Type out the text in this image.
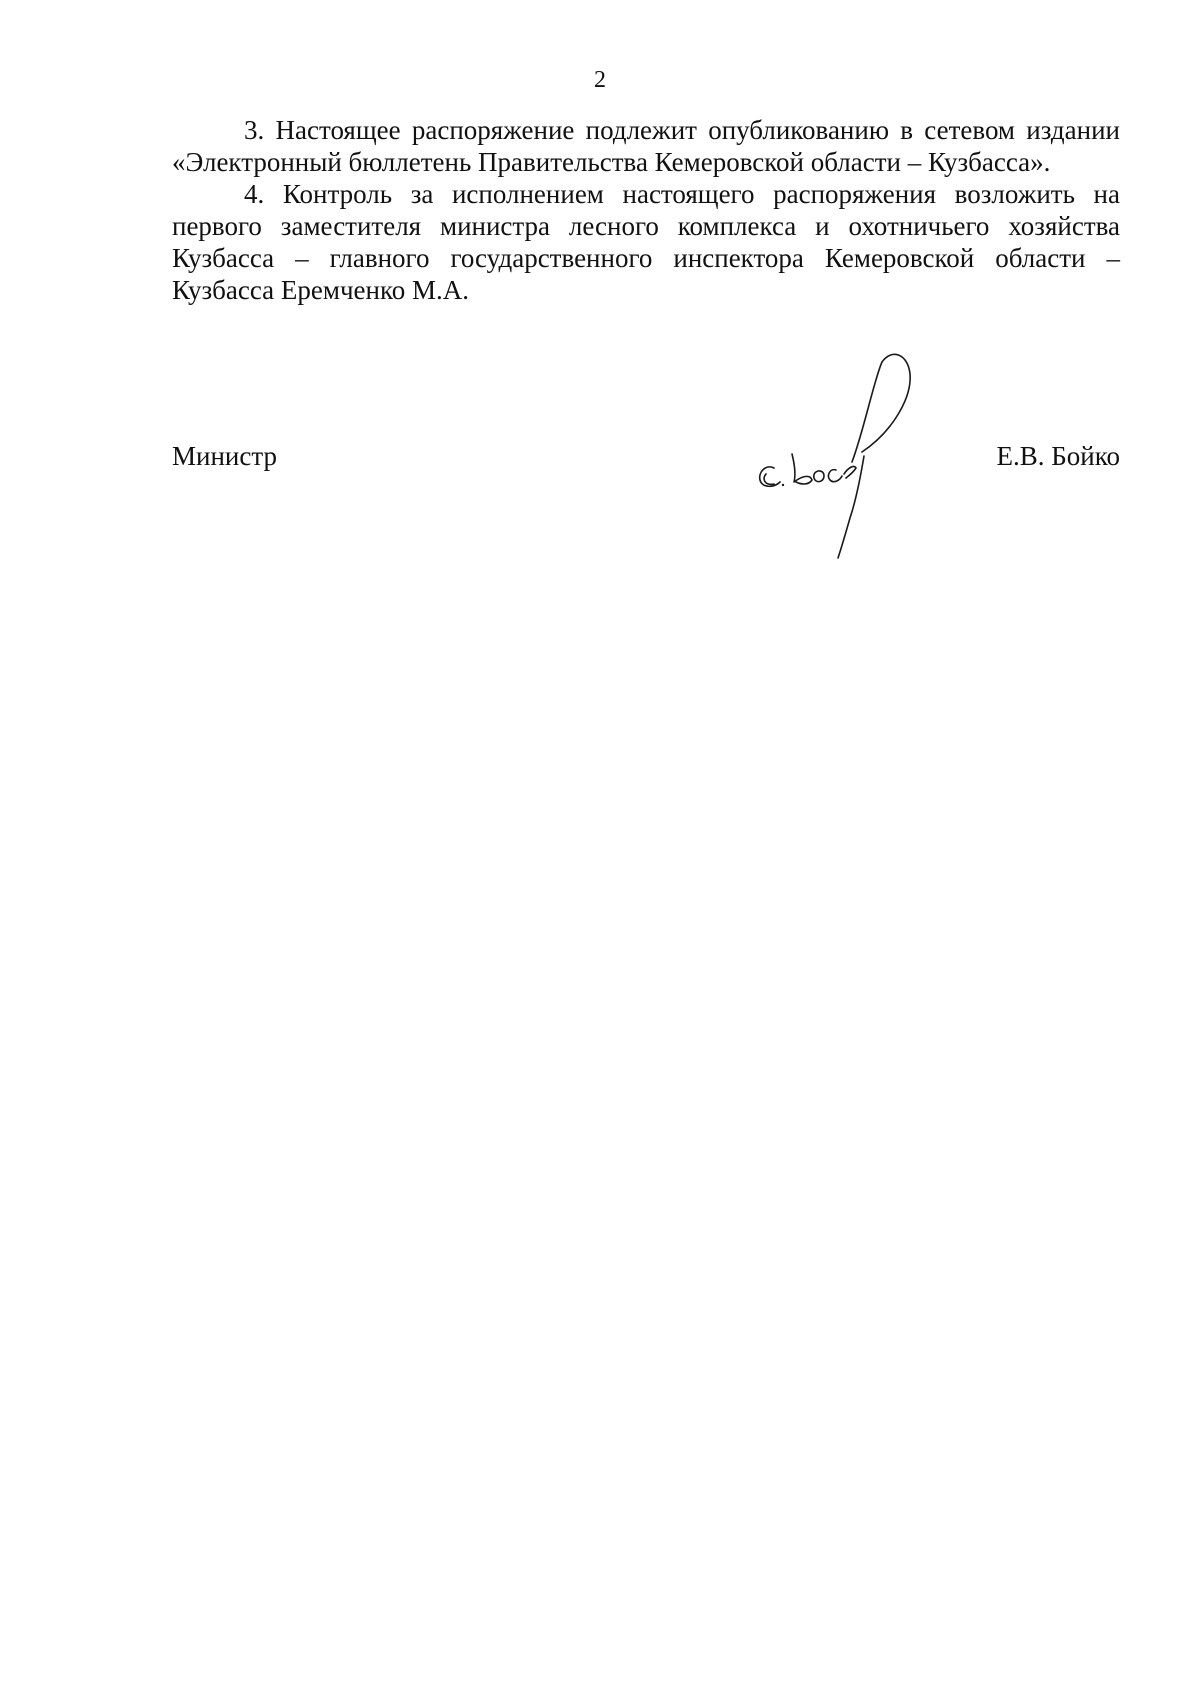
2

3. Настоящее распоряжение подлежит опубликованию в сетевом издании «Электронный бюллетень Правительства Кемеровской области – Кузбасса».

4. Контроль за исполнением настоящего распоряжения возложить на первого заместителя министра лесного комплекса и охотничьего хозяйства Кузбасса – главного государственного инспектора Кемеровской области – Кузбасса Еремченко М.А.

Министр	Е.В. Бойко
